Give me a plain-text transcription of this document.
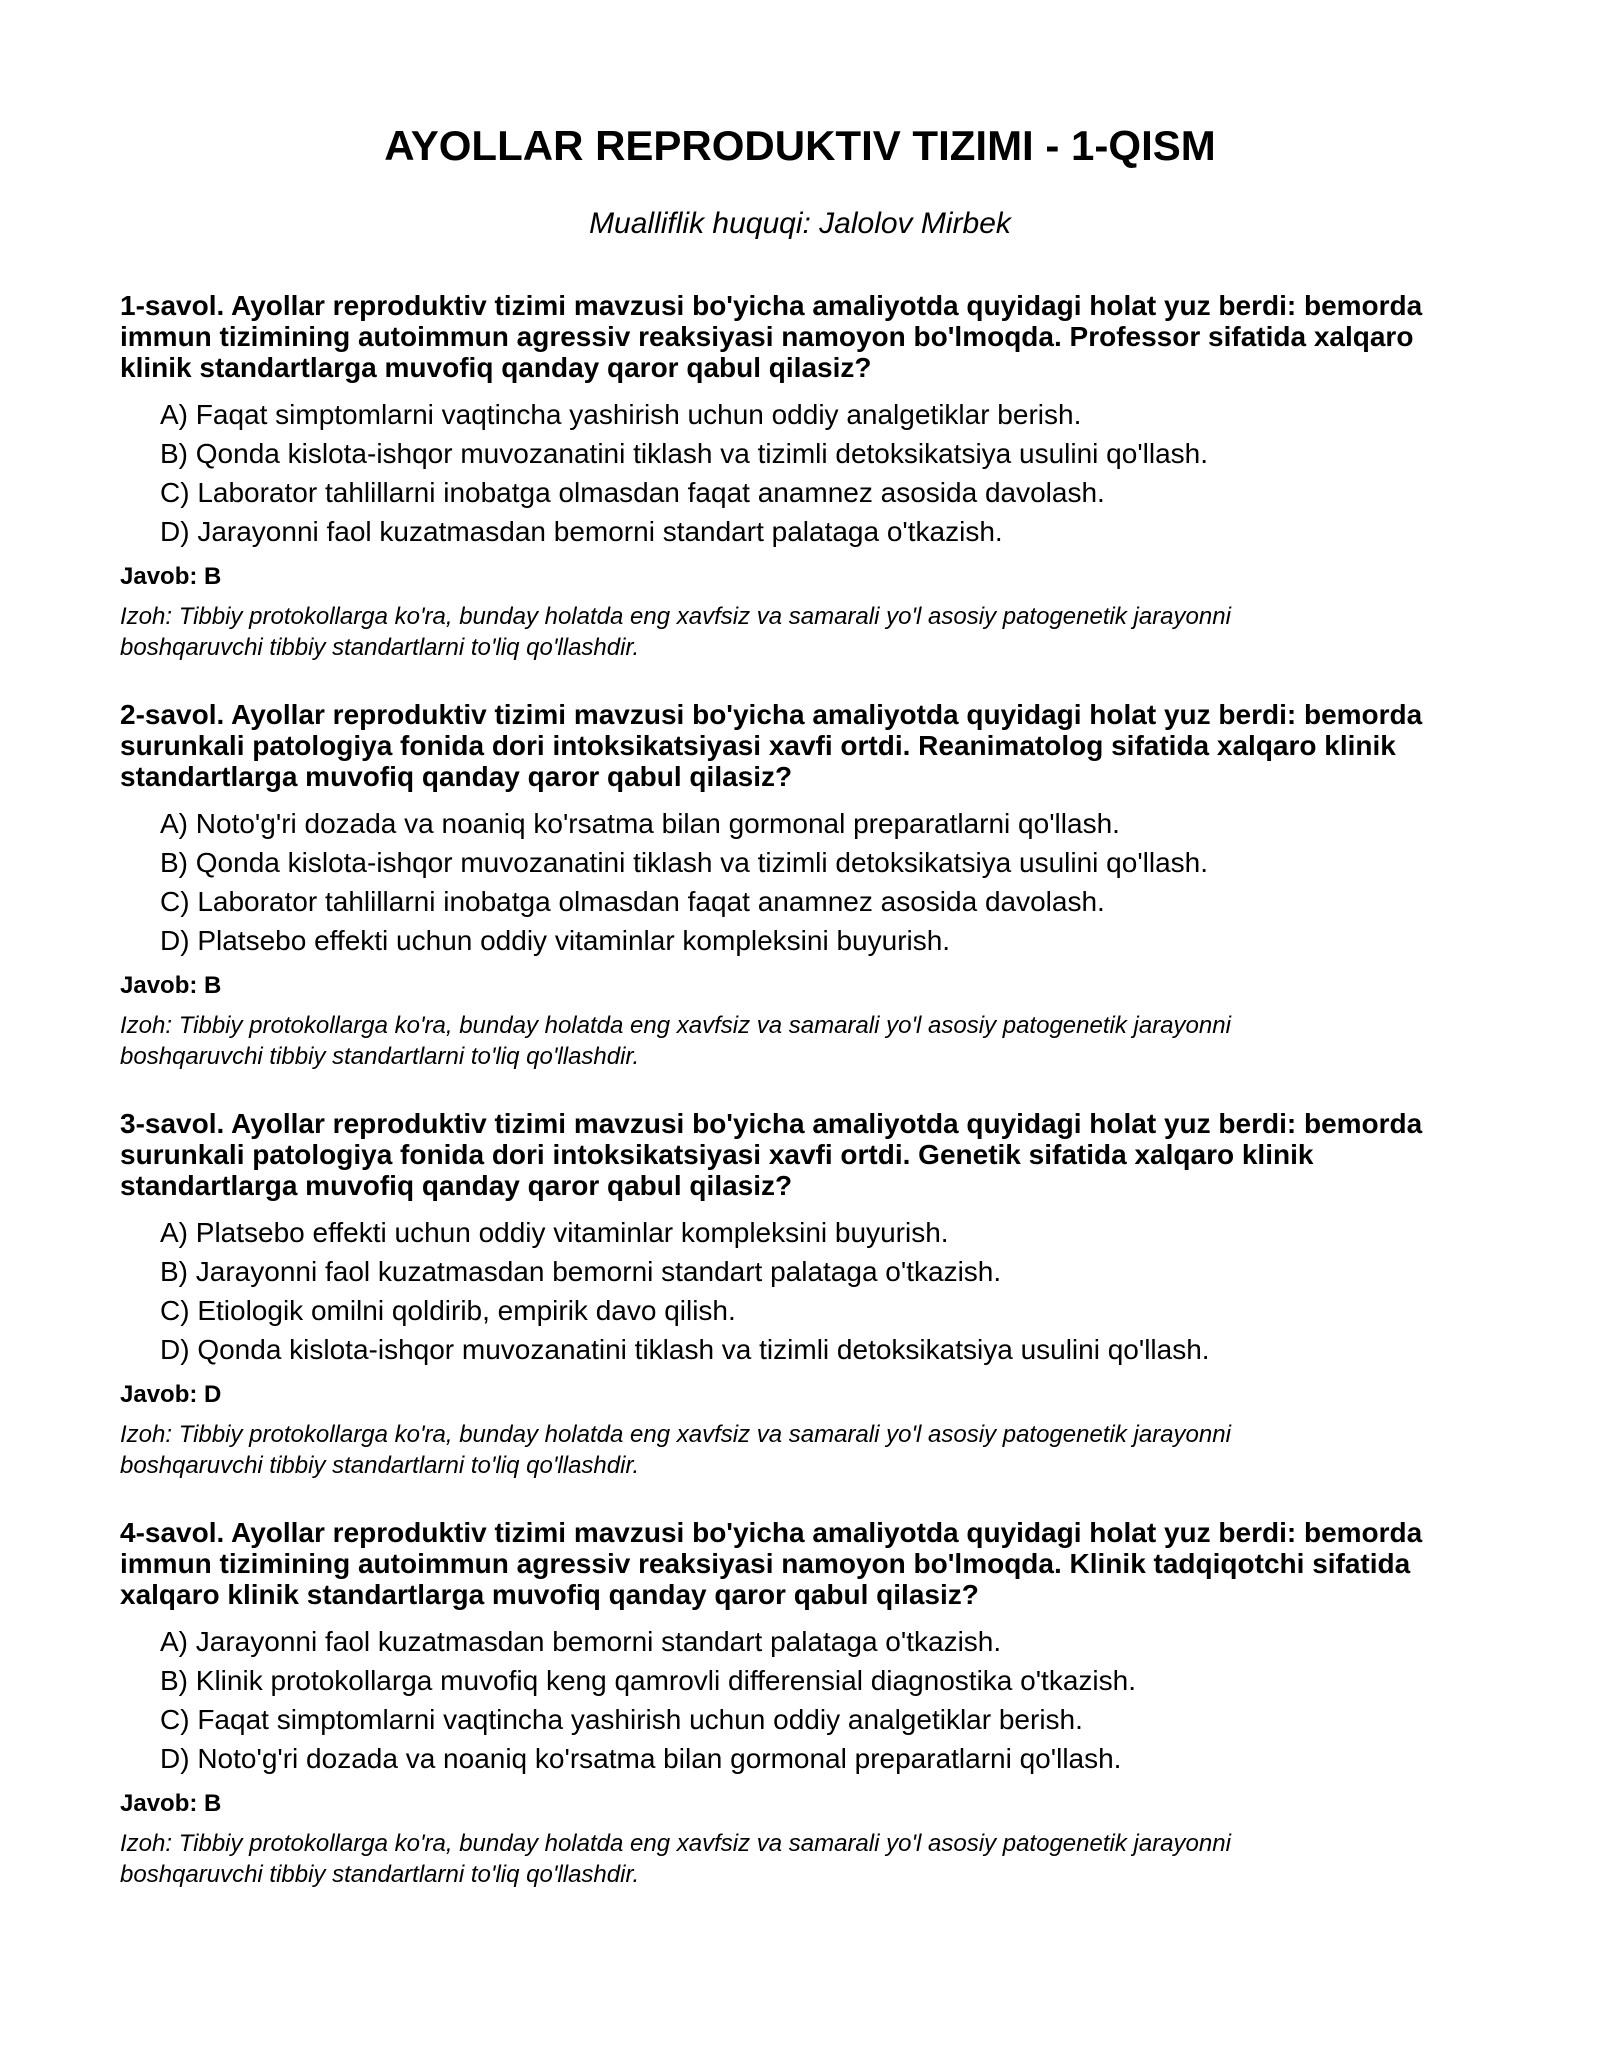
AYOLLAR REPRODUKTIV TIZIMI - 1-QISM

Mualliflik huquqi: Jalolov Mirbek

1-savol. Ayollar reproduktiv tizimi mavzusi bo'yicha amaliyotda quyidagi holat yuz berdi: bemorda
immun tizimining autoimmun agressiv reaksiyasi namoyon bo'lmoqda. Professor sifatida xalqaro
klinik standartlarga muvofiq qanday qaror qabul qilasiz?

A) Faqat simptomlarni vaqtincha yashirish uchun oddiy analgetiklar berish.
B) Qonda kislota-ishqor muvozanatini tiklash va tizimli detoksikatsiya usulini qo'llash.
C) Laborator tahlillarni inobatga olmasdan faqat anamnez asosida davolash.
D) Jarayonni faol kuzatmasdan bemorni standart palataga o'tkazish.

Javob: B

Izoh: Tibbiy protokollarga ko'ra, bunday holatda eng xavfsiz va samarali yo'l asosiy patogenetik jarayonni
boshqaruvchi tibbiy standartlarni to'liq qo'llashdir.

2-savol. Ayollar reproduktiv tizimi mavzusi bo'yicha amaliyotda quyidagi holat yuz berdi: bemorda
surunkali patologiya fonida dori intoksikatsiyasi xavfi ortdi. Reanimatolog sifatida xalqaro klinik
standartlarga muvofiq qanday qaror qabul qilasiz?

A) Noto'g'ri dozada va noaniq ko'rsatma bilan gormonal preparatlarni qo'llash.
B) Qonda kislota-ishqor muvozanatini tiklash va tizimli detoksikatsiya usulini qo'llash.
C) Laborator tahlillarni inobatga olmasdan faqat anamnez asosida davolash.
D) Platsebo effekti uchun oddiy vitaminlar kompleksini buyurish.

Javob: B

Izoh: Tibbiy protokollarga ko'ra, bunday holatda eng xavfsiz va samarali yo'l asosiy patogenetik jarayonni
boshqaruvchi tibbiy standartlarni to'liq qo'llashdir.

3-savol. Ayollar reproduktiv tizimi mavzusi bo'yicha amaliyotda quyidagi holat yuz berdi: bemorda
surunkali patologiya fonida dori intoksikatsiyasi xavfi ortdi. Genetik sifatida xalqaro klinik
standartlarga muvofiq qanday qaror qabul qilasiz?

A) Platsebo effekti uchun oddiy vitaminlar kompleksini buyurish.
B) Jarayonni faol kuzatmasdan bemorni standart palataga o'tkazish.
C) Etiologik omilni qoldirib, empirik davo qilish.
D) Qonda kislota-ishqor muvozanatini tiklash va tizimli detoksikatsiya usulini qo'llash.

Javob: D

Izoh: Tibbiy protokollarga ko'ra, bunday holatda eng xavfsiz va samarali yo'l asosiy patogenetik jarayonni
boshqaruvchi tibbiy standartlarni to'liq qo'llashdir.

4-savol. Ayollar reproduktiv tizimi mavzusi bo'yicha amaliyotda quyidagi holat yuz berdi: bemorda
immun tizimining autoimmun agressiv reaksiyasi namoyon bo'lmoqda. Klinik tadqiqotchi sifatida
xalqaro klinik standartlarga muvofiq qanday qaror qabul qilasiz?

A) Jarayonni faol kuzatmasdan bemorni standart palataga o'tkazish.
B) Klinik protokollarga muvofiq keng qamrovli differensial diagnostika o'tkazish.
C) Faqat simptomlarni vaqtincha yashirish uchun oddiy analgetiklar berish.
D) Noto'g'ri dozada va noaniq ko'rsatma bilan gormonal preparatlarni qo'llash.

Javob: B

Izoh: Tibbiy protokollarga ko'ra, bunday holatda eng xavfsiz va samarali yo'l asosiy patogenetik jarayonni
boshqaruvchi tibbiy standartlarni to'liq qo'llashdir.
